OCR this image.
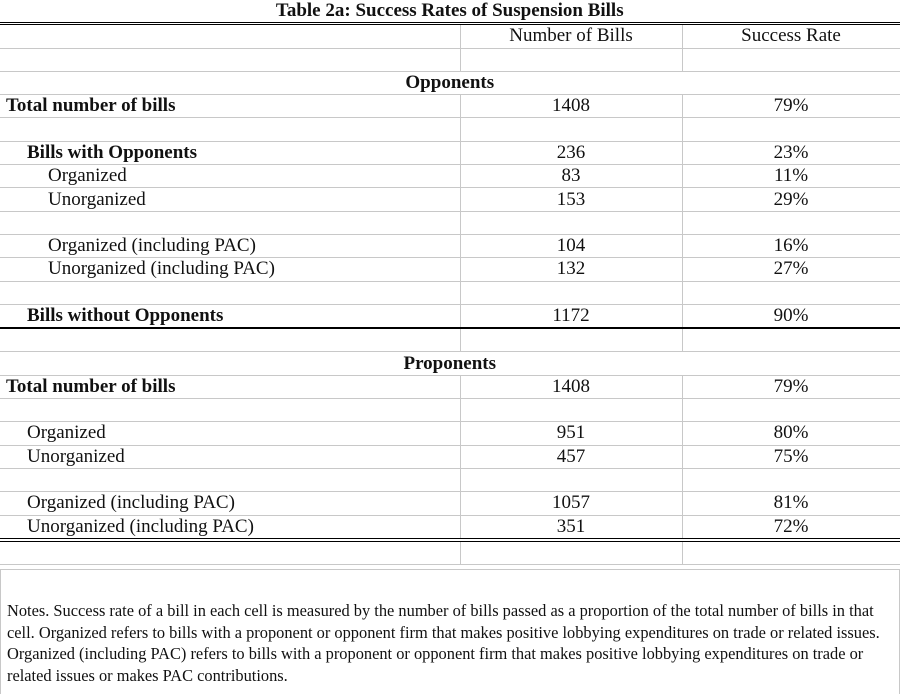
Table 2a: Success Rates of Suspension Bills		
	Number of Bills	Success Rate

Opponents		
Total number of bills	1408	79%

Bills with Opponents	236	23%
Organized	83	11%
Unorganized	153	29%

Organized (including PAC)	104	16%
Unorganized (including PAC)	132	27%

Bills without Opponents	1172	90%

Proponents		
Total number of bills	1408	79%

Organized	951	80%
Unorganized	457	75%

Organized (including PAC)	1057	81%
Unorganized (including PAC)	351	72%

Notes. Success rate of a bill in each cell is measured by the number of bills passed as a proportion of the total number of bills in that cell. Organized refers to bills with a proponent or opponent firm that makes positive lobbying expenditures on trade or related issues. Organized (including PAC) refers to bills with a proponent or opponent firm that makes positive lobbying expenditures on trade or related issues or makes PAC contributions.
